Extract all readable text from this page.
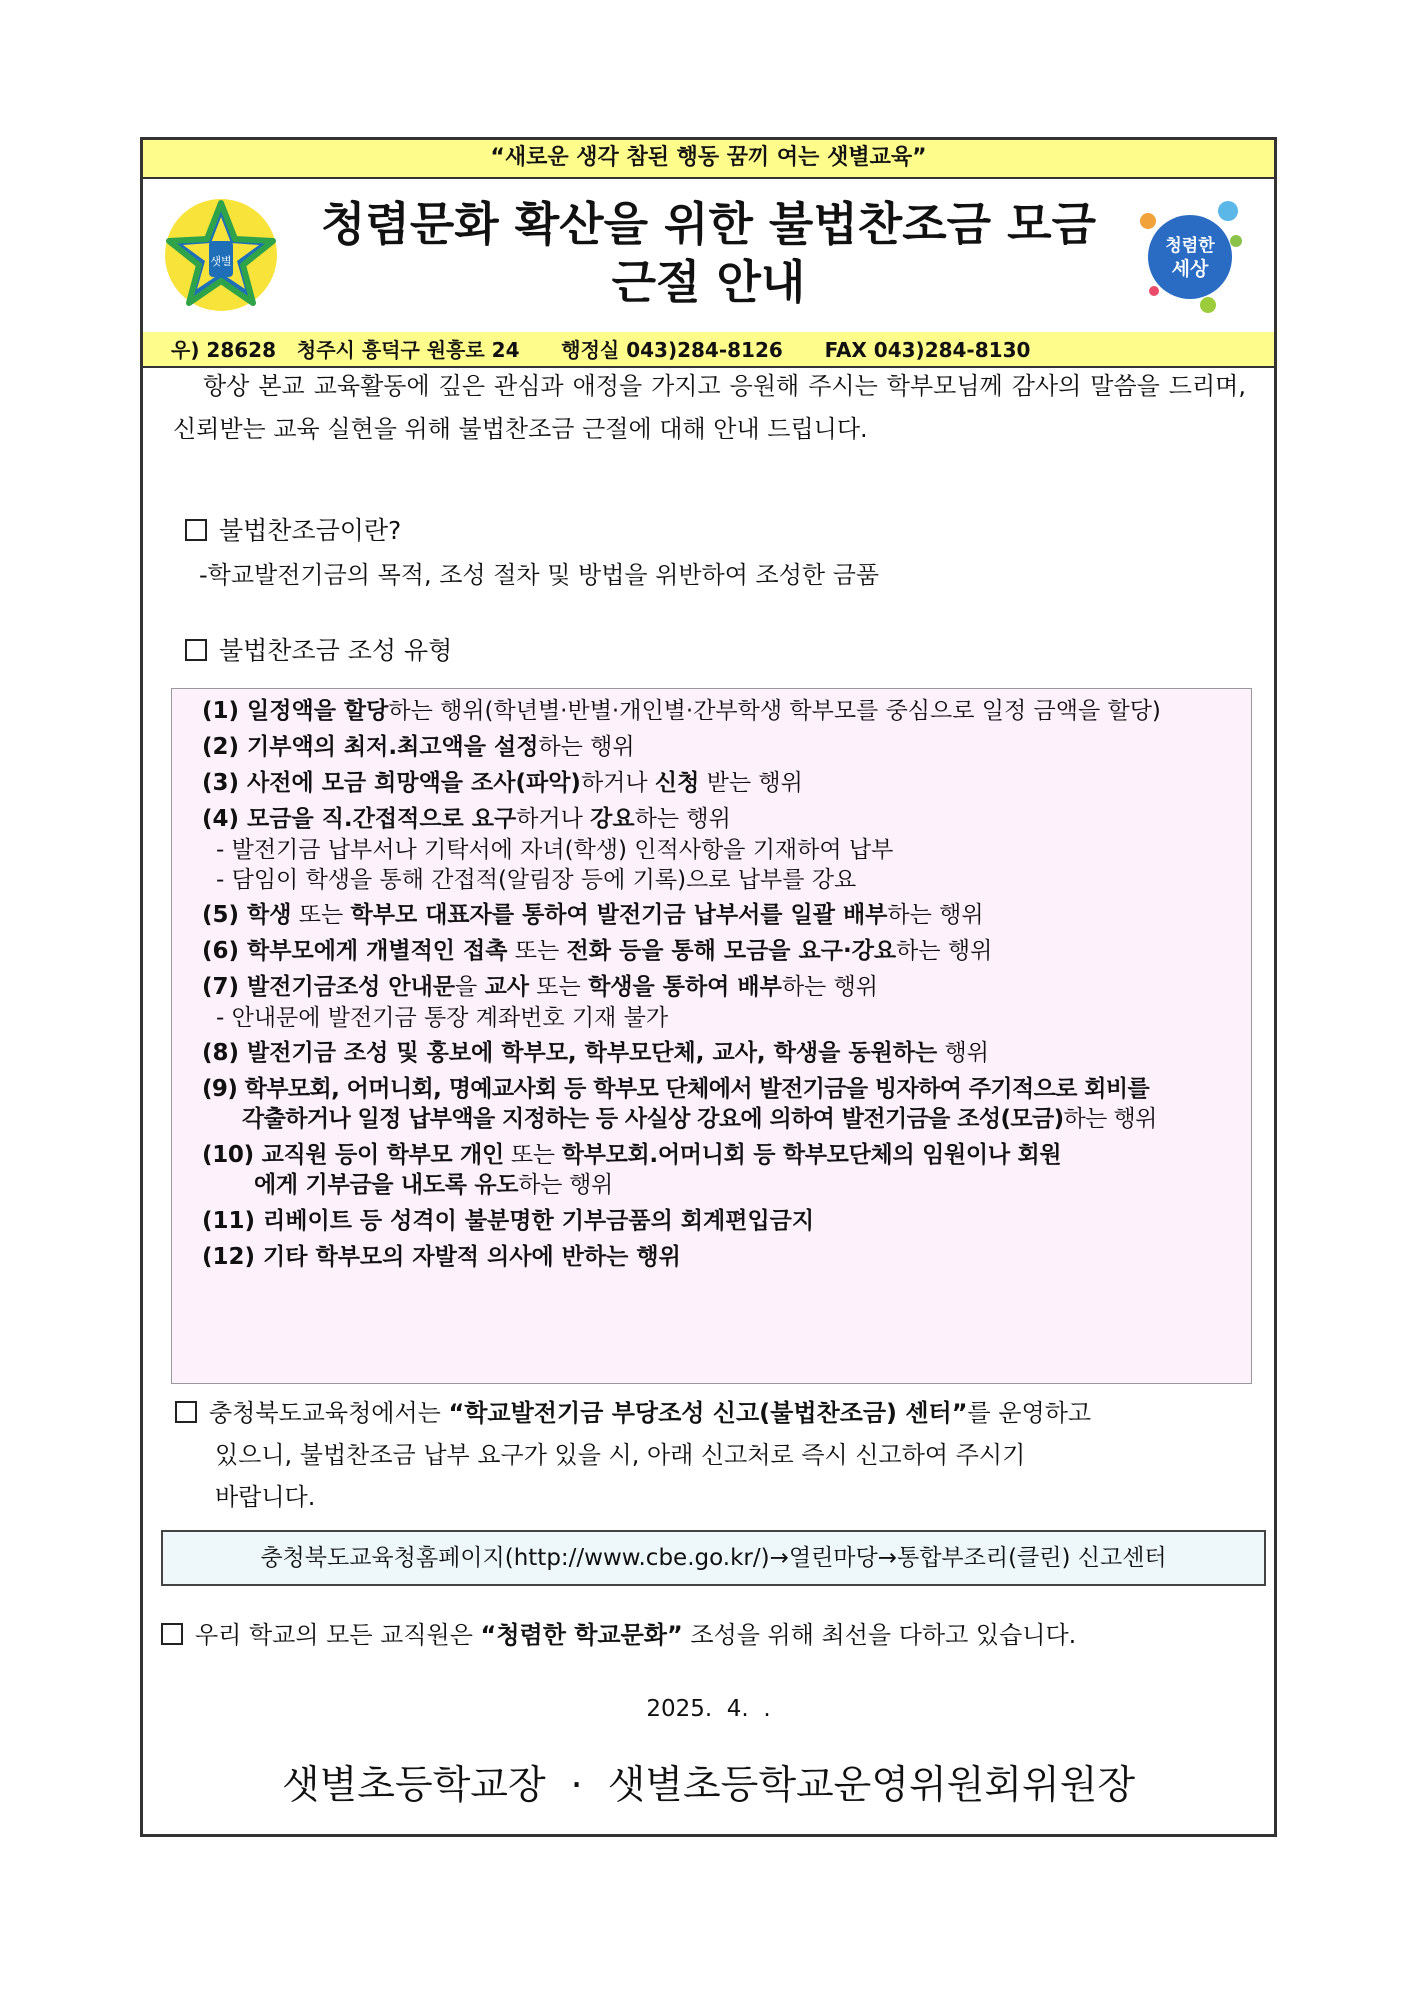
“새로운 생각 참된 행동 꿈끼 여는 샛별교육”
샛별
청렴문화 확산을 위한 불법찬조금 모금
근절 안내
청렴한
세상
우) 28628   청주시 흥덕구 원흥로 24      행정실 043)284-8126      FAX 043)284-8130
항상 본교 교육활동에 깊은 관심과 애정을 가지고 응원해 주시는 학부모님께 감사의 말씀을 드리며, 신뢰받는 교육 실현을 위해 불법찬조금 근절에 대해 안내 드립니다.
불법찬조금이란?
-학교발전기금의 목적, 조성 절차 및 방법을 위반하여 조성한 금품
불법찬조금 조성 유형
(1) 일정액을 할당하는 행위(학년별·반별·개인별·간부학생 학부모를 중심으로 일정 금액을 할당)
(2) 기부액의 최저.최고액을 설정하는 행위
(3) 사전에 모금 희망액을 조사(파악)하거나 신청 받는 행위
(4) 모금을 직.간접적으로 요구하거나 강요하는 행위
- 발전기금 납부서나 기탁서에 자녀(학생) 인적사항을 기재하여 납부
- 담임이 학생을 통해 간접적(알림장 등에 기록)으로 납부를 강요
(5) 학생 또는 학부모 대표자를 통하여 발전기금 납부서를 일괄 배부하는 행위
(6) 학부모에게 개별적인 접촉 또는 전화 등을 통해 모금을 요구·강요하는 행위
(7) 발전기금조성 안내문을 교사 또는 학생을 통하여 배부하는 행위
- 안내문에 발전기금 통장 계좌번호 기재 불가
(8) 발전기금 조성 및 홍보에 학부모, 학부모단체, 교사, 학생을 동원하는 행위
(9) 학부모회, 어머니회, 명예교사회 등 학부모 단체에서 발전기금을 빙자하여 주기적으로 회비를
각출하거나 일정 납부액을 지정하는 등 사실상 강요에 의하여 발전기금을 조성(모금)하는 행위
(10) 교직원 등이 학부모 개인 또는 학부모회.어머니회 등 학부모단체의 임원이나 회원
에게 기부금을 내도록 유도하는 행위
(11) 리베이트 등 성격이 불분명한 기부금품의 회계편입금지
(12) 기타 학부모의 자발적 의사에 반하는 행위
충청북도교육청에서는 “학교발전기금 부당조성 신고(불법찬조금) 센터”를 운영하고
있으니, 불법찬조금 납부 요구가 있을 시, 아래 신고처로 즉시 신고하여 주시기
바랍니다.
충청북도교육청홈페이지(http://www.cbe.go.kr/)→열린마당→통합부조리(클린) 신고센터
우리 학교의 모든 교직원은 “청렴한 학교문화” 조성을 위해 최선을 다하고 있습니다.
2025.  4.  .
샛별초등학교장  ·  샛별초등학교운영위원회위원장
